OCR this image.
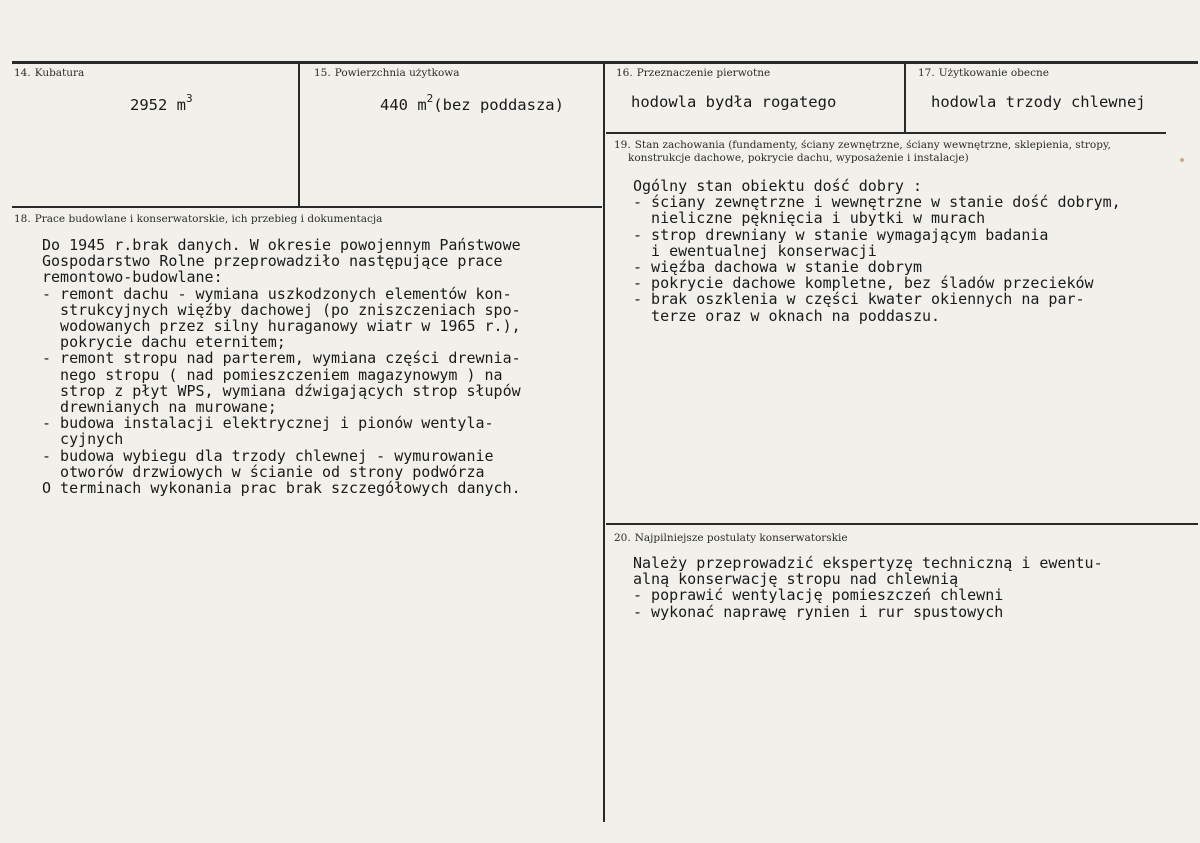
14. Kubatura
2952 $m^3$
15. Powierzchnia użytkowa
440 $m^2(bez$ poddasza)
16. Przeznaczenie pierwotne
hodowla bydła rogatego
17. Użytkowanie obecne
hodowla trzody chlewnej
18. Prace budowlane i konserwatorskie, ich przebieg i dokumentacja
Do 1945 r.brak danych. W okresie powojennym Państwowe
Gospodarstwo Rolne przeprowadziło następujące prace
remontowo-budowlane:
- remont dachu - wymiana uszkodzonych elementów kon-
strukcyjnych więźby dachowej (po zniszczeniach spo-
wodowanych przez silny huraganowy wiatr w 1965 r.),
pokrycie dachu eternitem;
- remont stropu nad parterem, wymiana części drewnia-
nego stropu ( nad pomieszczeniem magazynowym ) na
strop z płyt WPS, wymiana dźwigających strop słupów
drewnianych na murowane;
- budowa instalacji elektrycznej i pionów wentyla-
cyjnych
- budowa wybiegu dla trzody chlewnej - wymurowanie
otworów drzwiowych w ścianie od strony podwórza
O terminach wykonania prac brak szczegółowych danych.
19. Stan zachowania (fundamenty, ściany zewnętrzne, ściany wewnętrzne, sklepienia, stropy,
konstrukcje dachowe, pokrycie dachu, wyposażenie i instalacje)
Ogólny stan obiektu dość dobry :
- ściany zewnętrzne i wewnętrzne w stanie dość dobrym,
nieliczne pęknięcia i ubytki w murach
- strop drewniany w stanie wymagającym badania
i ewentualnej konserwacji
- więźba dachowa w stanie dobrym
- pokrycie dachowe kompletne, bez śladów przecieków
- brak oszklenia w części kwater okiennych na par-
terze oraz w oknach na poddaszu.
20. Najpilniejsze postulaty konserwatorskie
Należy przeprowadzić ekspertyzę techniczną i ewentu-
alną konserwację stropu nad chlewnią
- poprawić wentylację pomieszczeń chlewni
- wykonać naprawę rynien i rur spustowych
